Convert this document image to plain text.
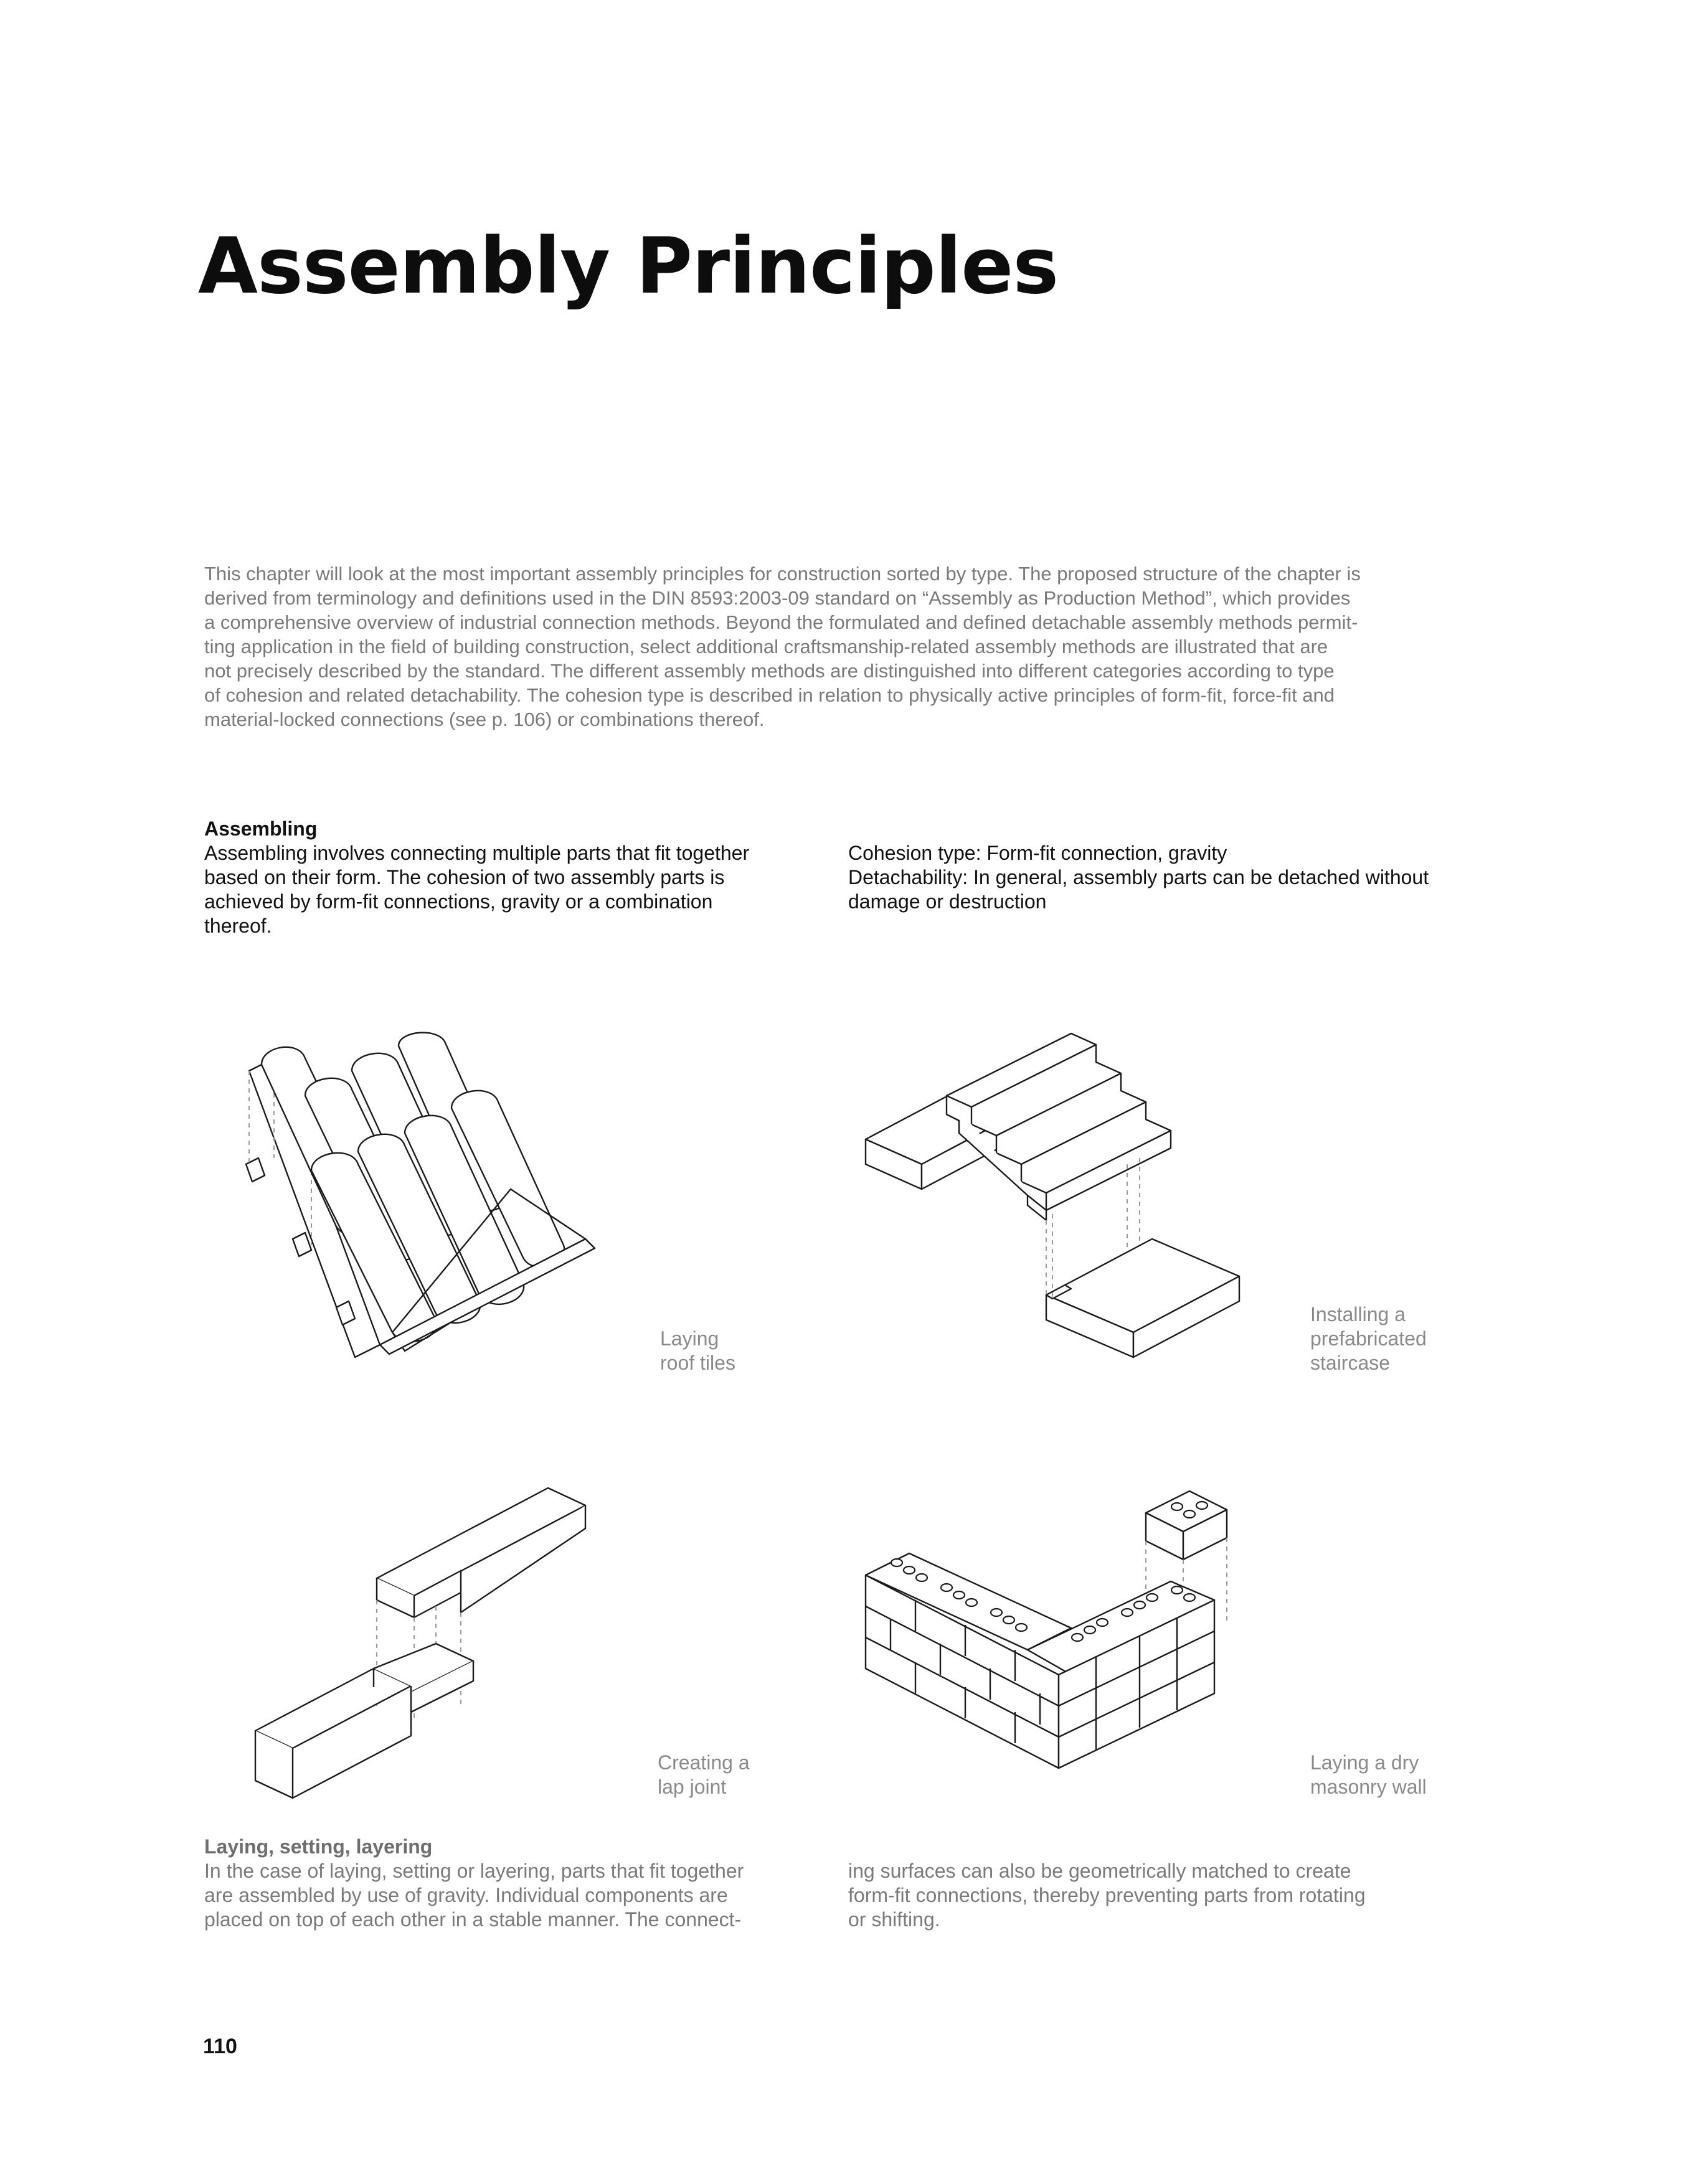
Assembly Principles

This chapter will look at the most important assembly principles for construction sorted by type. The proposed structure of the chapter is
derived from terminology and definitions used in the DIN 8593:2003-09 standard on “Assembly as Production Method”, which provides
a comprehensive overview of industrial connection methods. Beyond the formulated and defined detachable assembly methods permit-
ting application in the field of building construction, select additional craftsmanship-related assembly methods are illustrated that are
not precisely described by the standard. The different assembly methods are distinguished into different categories according to type
of cohesion and related detachability. The cohesion type is described in relation to physically active principles of form-fit, force-fit and
material-locked connections (see p. 106) or combinations thereof.

Assembling
Assembling involves connecting multiple parts that fit together
based on their form. The cohesion of two assembly parts is
achieved by form-fit connections, gravity or a combination
thereof.
Cohesion type: Form-fit connection, gravity
Detachability: In general, assembly parts can be detached without
damage or destruction
Laying
roof tiles
Installing a
prefabricated
staircase
Creating a
lap joint
Laying a dry
masonry wall
Laying, setting, layering
In the case of laying, setting or layering, parts that fit together
are assembled by use of gravity. Individual components are
placed on top of each other in a stable manner. The connect-
ing surfaces can also be geometrically matched to create
form-fit connections, thereby preventing parts from rotating
or shifting.
110
